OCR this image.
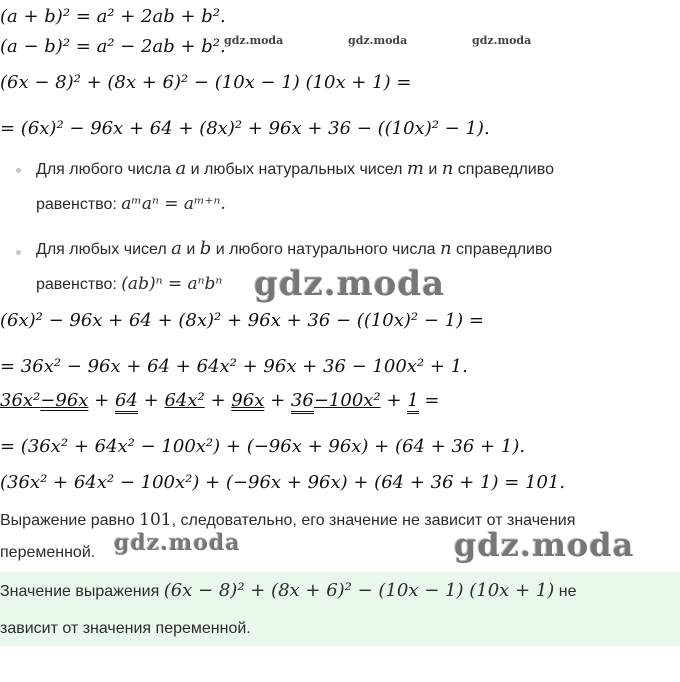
(a + b)² = a² + 2ab + b².
(a − b)² = a² − 2ab + b².
gdz.moda	gdz.moda	gdz.moda
(6x − 8)² + (8x + 6)² − (10x − 1) (10x + 1) =
= (6x)² − 96x + 64 + (8x)² + 96x + 36 − ((10x)² − 1).
Для любого числа a и любых натуральных чисел m и n справедливо
равенство: aᵐaⁿ = aᵐ⁺ⁿ.
Для любых чисел a и b и любого натурального числа n справедливо
равенство: (ab)ⁿ = aⁿbⁿ gdz.moda
(6x)² − 96x + 64 + (8x)² + 96x + 36 − ((10x)² − 1) =
= 36x² − 96x + 64 + 64x² + 96x + 36 − 100x² + 1.
36x²−96x + 64 + 64x² + 96x + 36−100x² + 1 =
= (36x² + 64x² − 100x²) + (−96x + 96x) + (64 + 36 + 1).
(36x² + 64x² − 100x²) + (−96x + 96x) + (64 + 36 + 1) = 101.
Выражение равно 101, следовательно, его значение не зависит от значения
переменной. gdz.moda	gdz.moda
Значение выражения (6x − 8)² + (8x + 6)² − (10x − 1) (10x + 1) не
зависит от значения переменной.
